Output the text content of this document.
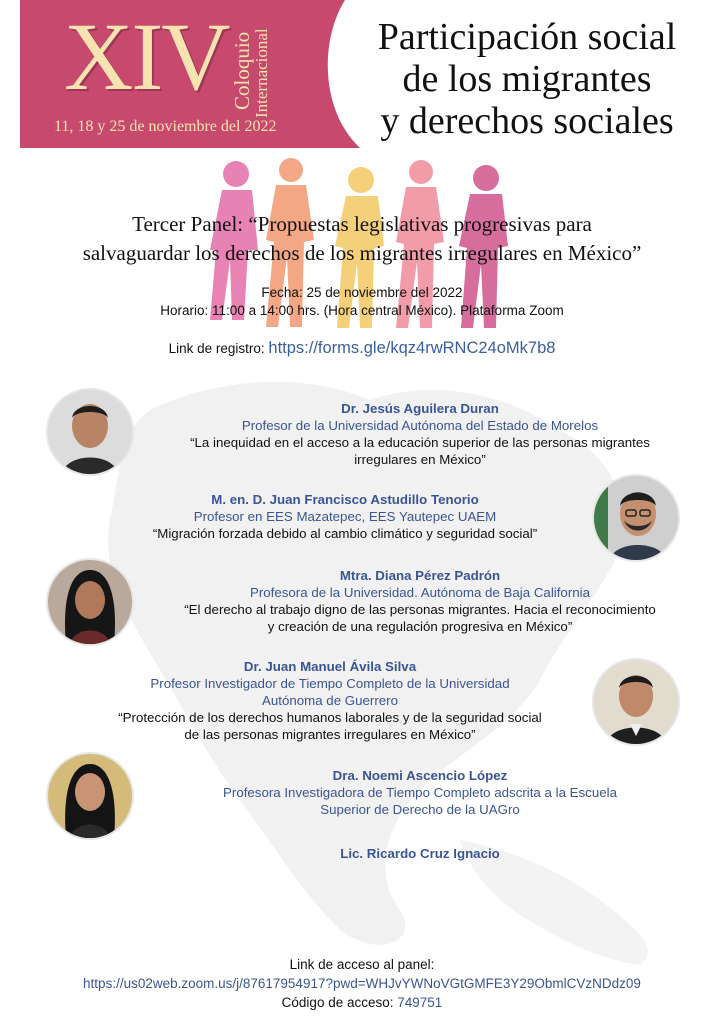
XIV Coloquio
Internacional
11, 18 y 25 de noviembre del 2022
Participación social
de los migrantes
y derechos sociales
Tercer Panel: “Propuestas legislativas progresivas para
salvaguardar los derechos de los migrantes irregulares en México”
Fecha: 25 de noviembre del 2022
Horario: 11:00 a 14:00 hrs. (Hora central México). Plataforma Zoom
Link de registro: https://forms.gle/kqz4rwRNC24oMk7b8
Dr. Jesús Aguilera Duran
Profesor de la Universidad Autónoma del Estado de Morelos
“La inequidad en el acceso a la educación superior de las personas migrantes
irregulares en México”
M. en. D. Juan Francisco Astudillo Tenorio
Profesor en EES Mazatepec, EES Yautepec UAEM
“Migración forzada debido al cambio climático y seguridad social”
Mtra. Diana Pérez Padrón
Profesora de la Universidad. Autónoma de Baja California
“El derecho al trabajo digno de las personas migrantes. Hacia el reconocimiento
y creación de una regulación progresiva en México”
Dr. Juan Manuel Ávila Silva
Profesor Investigador de Tiempo Completo de la Universidad
Autónoma de Guerrero
“Protección de los derechos humanos laborales y de la seguridad social
de las personas migrantes irregulares en México”
Dra. Noemi Ascencio López
Profesora Investigadora de Tiempo Completo adscrita a la Escuela
Superior de Derecho de la UAGro
Lic. Ricardo Cruz Ignacio
Link de acceso al panel:
https://us02web.zoom.us/j/87617954917?pwd=WHJvYWNoVGtGMFE3Y29ObmlCVzNDdz09
Código de acceso: 749751
